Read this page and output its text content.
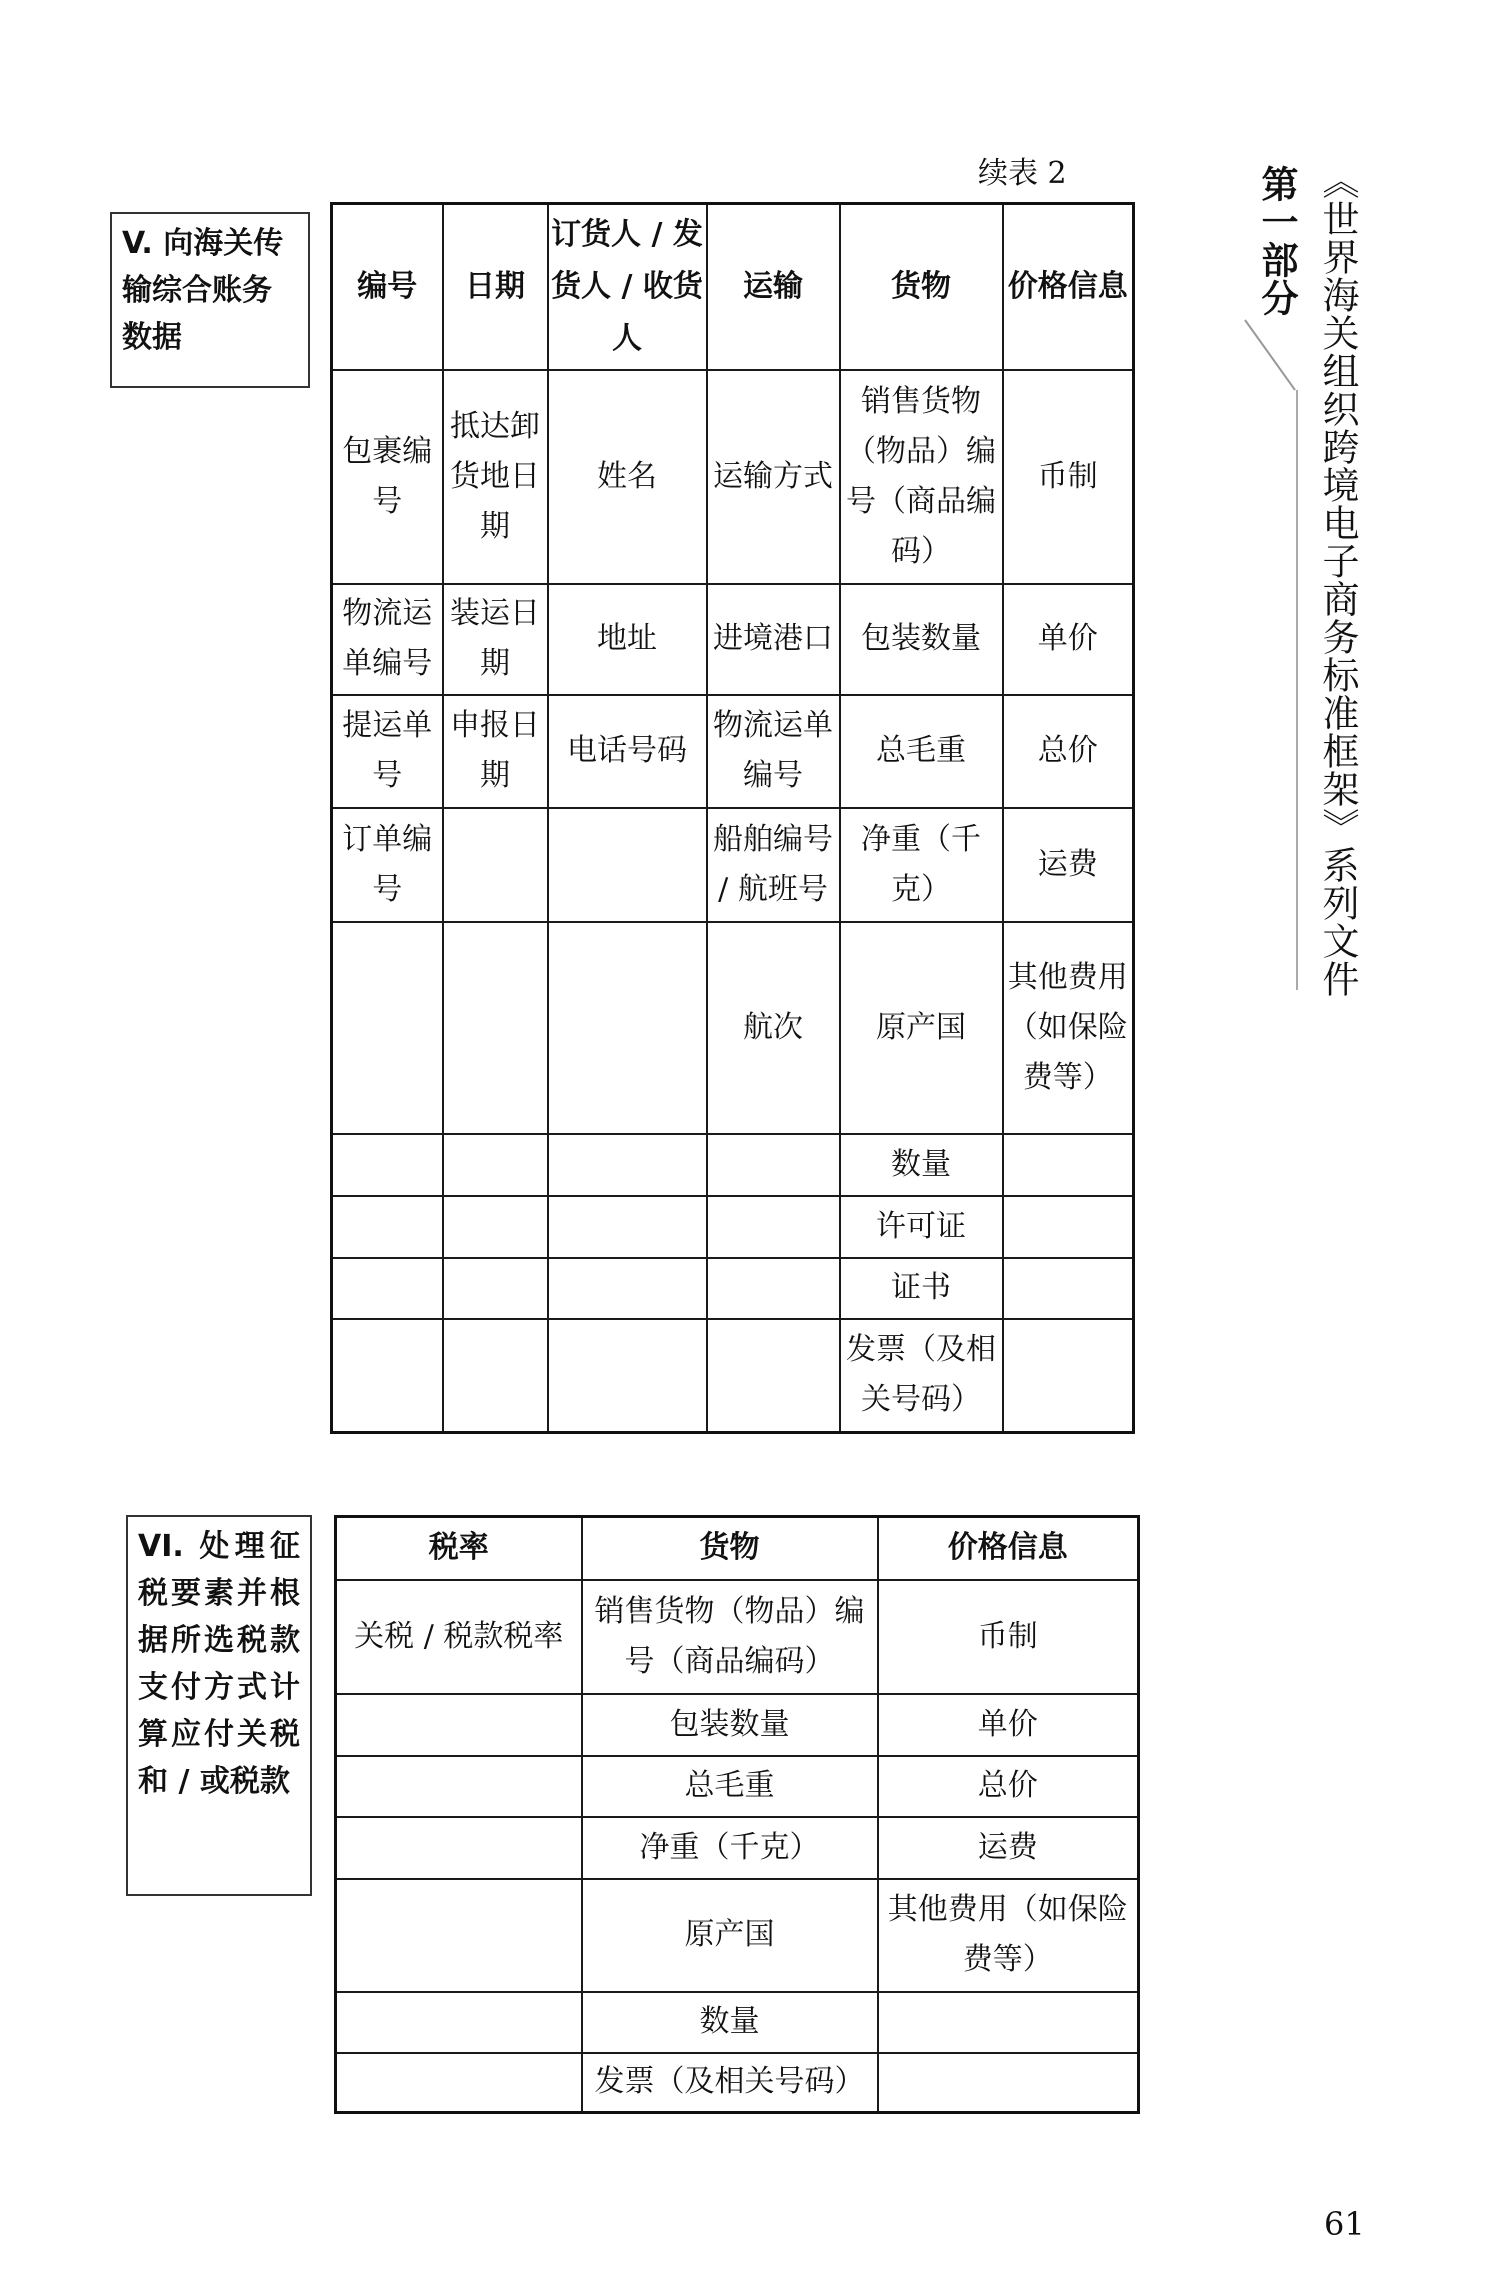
续表 2	第一部分 《世界海关组织跨境电子商务标准框架》系列文件
V. 向海关传输综合账务数据
编号	日期	订货人 / 发货人 / 收货人	运输	货物	价格信息
包裹编号	抵达卸货地日期	姓名	运输方式	销售货物（物品）编号（商品编码）	币制
物流运单编号	装运日期	地址	进境港口	包装数量	单价
提运单号	申报日期	电话号码	物流运单编号	总毛重	总价
订单编号			船舶编号 / 航班号	净重（千克）	运费
			航次	原产国	其他费用（如保险费等）
				数量	
				许可证	
				证书	
				发票（及相关号码）	
VI. 处理征税要素并根据所选税款支付方式计算应付关税和 / 或税款
税率	货物	价格信息
关税 / 税款税率	销售货物（物品）编号（商品编码）	币制
	包装数量	单价
	总毛重	总价
	净重（千克）	运费
	原产国	其他费用（如保险费等）
	数量	
	发票（及相关号码）	
61
